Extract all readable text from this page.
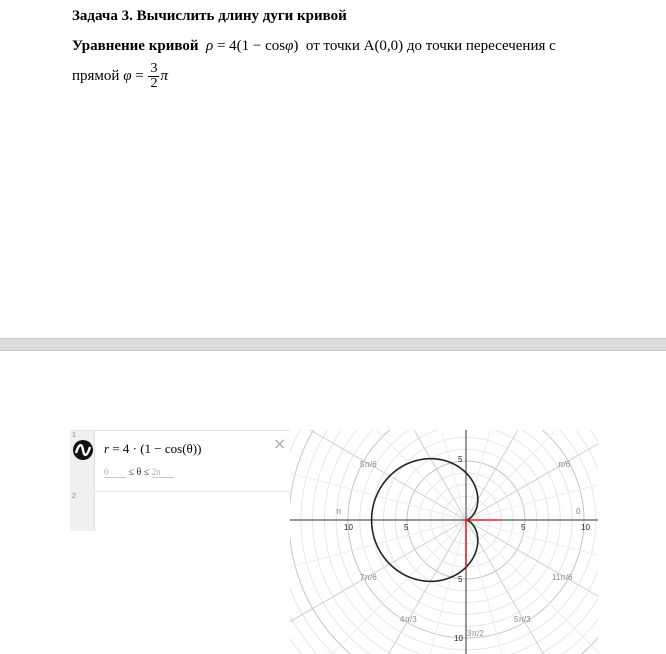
Задача 3. Вычислить длину дуги кривой
Уравнение кривой ρ = 4(1 − cosφ) от точки А(0,0) до точки пересечения с
прямой $\varphi = \frac{3}{2}$ π
1
2
r = 4 · (1 − cos(θ))
0 ≤ θ ≤ 2π
×
5π/6	π/6
π	0
7π/6	11π/6
4π/3	5π/3
3π/2
10	5	5	10
5
5
10
